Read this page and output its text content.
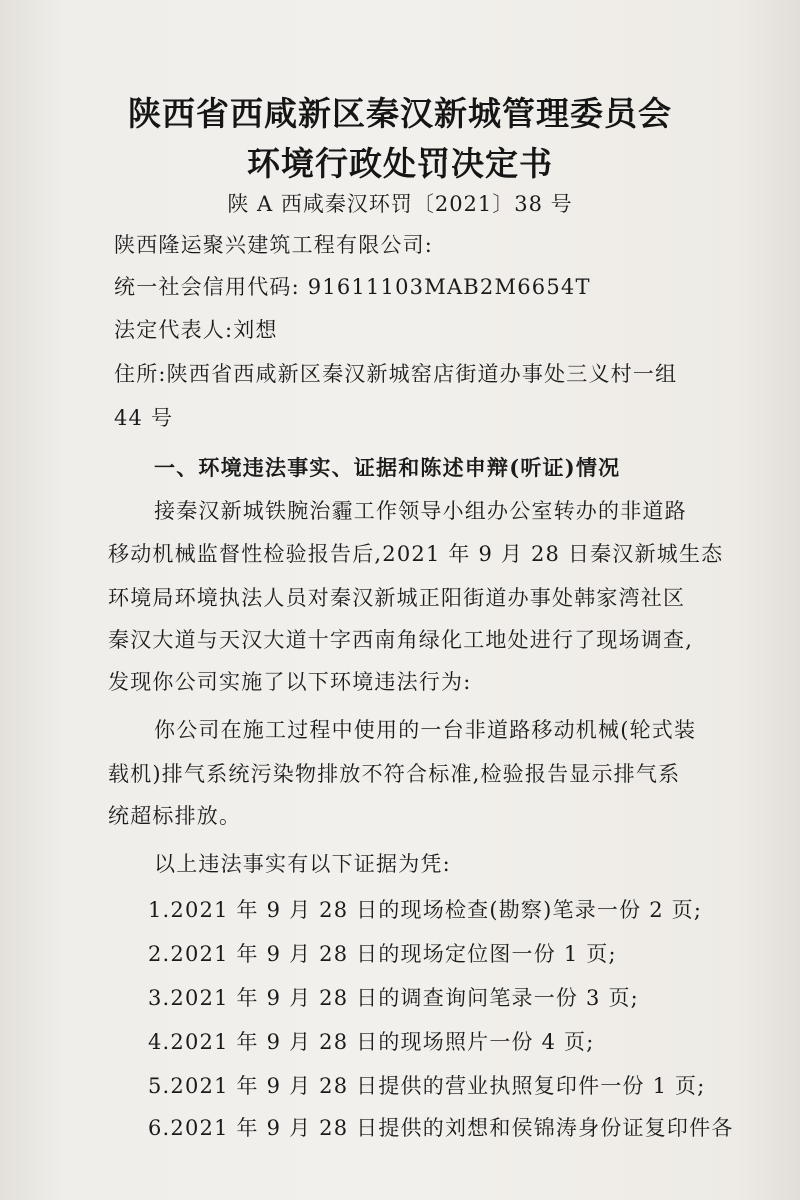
陕西省西咸新区秦汉新城管理委员会

环境行政处罚决定书

陕 A 西咸秦汉环罚〔2021〕38 号

陕西隆运聚兴建筑工程有限公司:

统一社会信用代码: 91611103MAB2M6654T

法定代表人:刘想

住所:陕西省西咸新区秦汉新城窑店街道办事处三义村一组

44 号

一、环境违法事实、证据和陈述申辩(听证)情况

接秦汉新城铁腕治霾工作领导小组办公室转办的非道路

移动机械监督性检验报告后,2021 年 9 月 28 日秦汉新城生态

环境局环境执法人员对秦汉新城正阳街道办事处韩家湾社区

秦汉大道与天汉大道十字西南角绿化工地处进行了现场调查,

发现你公司实施了以下环境违法行为:

你公司在施工过程中使用的一台非道路移动机械(轮式装

载机)排气系统污染物排放不符合标准,检验报告显示排气系

统超标排放。

以上违法事实有以下证据为凭:

1.2021 年 9 月 28 日的现场检查(勘察)笔录一份 2 页;

2.2021 年 9 月 28 日的现场定位图一份 1 页;

3.2021 年 9 月 28 日的调查询问笔录一份 3 页;

4.2021 年 9 月 28 日的现场照片一份 4 页;

5.2021 年 9 月 28 日提供的营业执照复印件一份 1 页;

6.2021 年 9 月 28 日提供的刘想和侯锦涛身份证复印件各
